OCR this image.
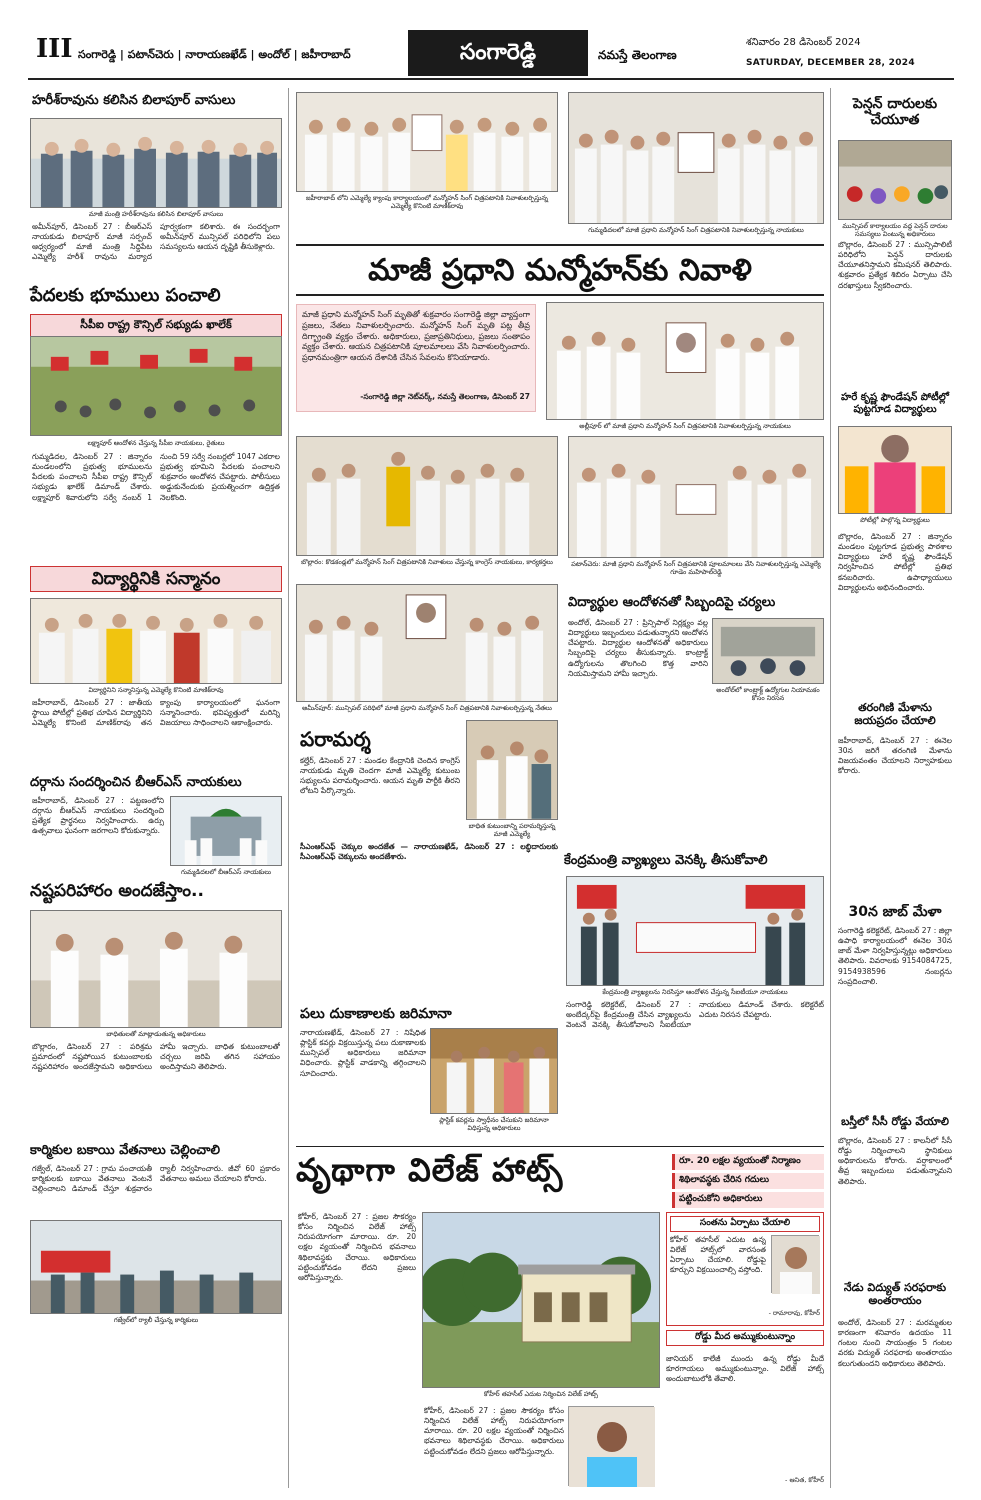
III సంగారెడ్డి | పటాన్‌చెరు | నారాయణఖేడ్ | అందోల్ | జహీరాబాద్	సంగారెడ్డి	నమస్తే తెలంగాణ
శనివారం 28 డిసెంబర్ 2024
SATURDAY, DECEMBER 28, 2024
హరీశ్‌రావును కలిసిన బిలాపూర్ వాసులు
మాజీ మంత్రి హరీశ్‌రావును కలిసిన బిలాపూర్ వాసులు
అమీన్‌పూర్, డిసెంబర్ 27 : బీఆర్‌ఎస్ నాయకుడు బిలాపూర్ మాజీ సర్పంచ్ ఆధ్వర్యంలో మాజీ మంత్రి సిద్దిపేట ఎమ్మెల్యే హరీశ్ రావును మర్యాద పూర్వకంగా కలిశారు. ఈ సందర్భంగా అమీన్‌పూర్ మున్సిపల్ పరిధిలోని పలు సమస్యలను ఆయన దృష్టికి తీసుకెళ్లారు.
పేదలకు భూములు పంచాలి
సీపీఐ రాష్ట్ర కౌన్సిల్ సభ్యుడు ఖాలేక్
లక్ష్మాపూర్ ఆందోళన చేస్తున్న సీపీఐ నాయకులు, రైతులు
గుమ్మడిదల, డిసెంబర్ 27 : జిన్నారం మండలంలోని ప్రభుత్వ భూములను పేదలకు పంచాలని సీపీఐ రాష్ట్ర కౌన్సిల్ సభ్యుడు ఖాలేక్ డిమాండ్ చేశారు. లక్ష్మాపూర్ శివారులోని సర్వే నంబర్ 1 నుంచి 59 సర్వే నంబర్లలో 1047 ఎకరాల ప్రభుత్వ భూమిని పేదలకు పంచాలని శుక్రవారం ఆందోళన చేపట్టారు. పోలీసులు అడ్డుకునేందుకు ప్రయత్నించగా ఉద్రిక్తత నెలకొంది.
విద్యార్థినికి సన్మానం
విద్యార్థినిని సన్మానిస్తున్న ఎమ్మెల్యే కొనింటి మాణిక్‌రావు
జహీరాబాద్, డిసెంబర్ 27 : జాతీయ స్థాయి పోటీల్లో ప్రతిభ చూపిన విద్యార్థినిని ఎమ్మెల్యే కొనింటి మాణిక్‌రావు తన క్యాంపు కార్యాలయంలో ఘనంగా సన్మానించారు. భవిష్యత్తులో మరిన్ని విజయాలు సాధించాలని ఆకాంక్షించారు.
దర్గాను సందర్శించిన బీఆర్‌ఎస్ నాయకులు
జహీరాబాద్, డిసెంబర్ 27 : పట్టణంలోని దర్గాను బీఆర్‌ఎస్ నాయకులు సందర్శించి ప్రత్యేక ప్రార్థనలు నిర్వహించారు. ఉర్సు ఉత్సవాలు ఘనంగా జరగాలని కోరుకున్నారు.
గుమ్మడిదలలో బీఆర్‌ఎస్ నాయకులు
నష్టపరిహారం అందజేస్తాం..
బాధితులతో మాట్లాడుతున్న అధికారులు
బొల్లారం, డిసెంబర్ 27 : పరిశ్రమ ప్రమాదంలో నష్టపోయిన కుటుంబాలకు నష్టపరిహారం అందజేస్తామని అధికారులు హామీ ఇచ్చారు. బాధిత కుటుంబాలతో చర్చలు జరిపి తగిన సహాయం అందిస్తామని తెలిపారు.
కార్మికుల బకాయి వేతనాలు చెల్లించాలి
గజ్వేల్, డిసెంబర్ 27 : గ్రామ పంచాయతీ కార్మికులకు బకాయి వేతనాలు వెంటనే చెల్లించాలని డిమాండ్ చేస్తూ శుక్రవారం ర్యాలీ నిర్వహించారు. జీవో 60 ప్రకారం వేతనాలు అమలు చేయాలని కోరారు.
గజ్వేల్‌లో ర్యాలీ చేస్తున్న కార్మికులు
జహీరాబాద్ లోని ఎమ్మెల్యే క్యాంపు కార్యాలయంలో మన్మోహన్ సింగ్ చిత్రపటానికి నివాళులర్పిస్తున్న ఎమ్మెల్యే కొనింటి మాణిక్‌రావు
గుమ్మడిదలలో మాజీ ప్రధాని మన్మోహన్ సింగ్ చిత్రపటానికి నివాళులర్పిస్తున్న నాయకులు
మాజీ ప్రధాని మన్మోహన్‌కు నివాళి
మాజీ ప్రధాని మన్మోహన్ సింగ్ మృతితో శుక్రవారం సంగారెడ్డి జిల్లా వ్యాప్తంగా ప్రజలు, నేతలు నివాళులర్పించారు. మన్మోహన్ సింగ్ మృతి పట్ల తీవ్ర దిగ్భ్రాంతి వ్యక్తం చేశారు. అధికారులు, ప్రజాప్రతినిధులు, ప్రజలు సంతాపం వ్యక్తం చేశారు. ఆయన చిత్రపటానికి పూలమాలలు వేసి నివాళులర్పించారు. ప్రధానమంత్రిగా ఆయన దేశానికి చేసిన సేవలను కొనియాడారు.
-సంగారెడ్డి జిల్లా నెట్‌వర్క్, నమస్తే తెలంగాణ, డిసెంబర్ 27
అల్లీపూర్ లో మాజీ ప్రధాని మన్మోహన్ సింగ్ చిత్రపటానికి నివాళులర్పిస్తున్న నాయకులు
బొల్లారం: కొడకండ్లలో మన్మోహన్ సింగ్ చిత్రపటానికి నివాళులు చేస్తున్న కాంగ్రెస్ నాయకులు, కార్యకర్తలు	పటాన్‌చెరు: మాజీ ప్రధాని మన్మోహన్ సింగ్ చిత్రపటానికి పూలమాలలు వేసి నివాళులర్పిస్తున్న ఎమ్మెల్యే గూడెం మహిపాల్‌రెడ్డి
అమీన్‌పూర్: మున్సిపల్ పరిధిలో మాజీ ప్రధాని మన్మోహన్ సింగ్ చిత్రపటానికి నివాళులర్పిస్తున్న నేతలు
విద్యార్థుల ఆందోళనతో సిబ్బందిపై చర్యలు
అందోల్, డిసెంబర్ 27 : ప్రిన్సిపాల్ నిర్లక్ష్యం వల్ల విద్యార్థులు ఇబ్బందులు పడుతున్నారని ఆందోళన చేపట్టారు. విద్యార్థుల ఆందోళనతో అధికారులు సిబ్బందిపై చర్యలు తీసుకున్నారు. కాంట్రాక్ట్ ఉద్యోగులను తొలగించి కొత్త వారిని నియమిస్తామని హామీ ఇచ్చారు.
అందోల్‌లో కాంట్రాక్ట్ ఉద్యోగుల నియామకం కోసం నిరసన
పరామర్శ
కల్హేర్, డిసెంబర్ 27 : మండల కేంద్రానికి చెందిన కాంగ్రెస్ నాయకుడు మృతి చెందగా మాజీ ఎమ్మెల్యే కుటుంబ సభ్యులను పరామర్శించారు. ఆయన మృతి పార్టీకి తీరని లోటని పేర్కొన్నారు.
బాధిత కుటుంబాన్ని పరామర్శిస్తున్న మాజీ ఎమ్మెల్యే
సీఎంఆర్‌ఎఫ్ చెక్కుల అందజేత — నారాయణఖేడ్, డిసెంబర్ 27 : లబ్ధిదారులకు సీఎంఆర్‌ఎఫ్ చెక్కులను అందజేశారు.	కేంద్రమంత్రి వ్యాఖ్యలు వెనక్కి తీసుకోవాలి
కేంద్రమంత్రి వ్యాఖ్యలను నిరసిస్తూ ఆందోళన చేస్తున్న సీఐటీయూ నాయకులు
సంగారెడ్డి కలెక్టరేట్, డిసెంబర్ 27 : అంబేద్కర్‌పై కేంద్రమంత్రి చేసిన వ్యాఖ్యలను వెంటనే వెనక్కి తీసుకోవాలని సీఐటీయూ నాయకులు డిమాండ్ చేశారు. కలెక్టరేట్ ఎదుట నిరసన చేపట్టారు.
పలు దుకాణాలకు జరిమానా
నారాయణఖేడ్, డిసెంబర్ 27 : నిషేధిత ప్లాస్టిక్ కవర్లు విక్రయిస్తున్న పలు దుకాణాలకు మున్సిపల్ అధికారులు జరిమానా విధించారు. ప్లాస్టిక్ వాడకాన్ని తగ్గించాలని సూచించారు.
ప్లాస్టిక్ కవర్లను స్వాధీనం చేసుకుని జరిమానా విధిస్తున్న అధికారులు
వృథాగా విలేజ్ హాట్స్	రూ. 20 లక్షల వ్యయంతో నిర్మాణం
శిథిలావస్థకు చేరిన గదులు
పట్టించుకోని అధికారులు
కోహీర్, డిసెంబర్ 27 : ప్రజల సౌకర్యం కోసం నిర్మించిన విలేజ్ హాట్స్ నిరుపయోగంగా మారాయి. రూ. 20 లక్షల వ్యయంతో నిర్మించిన భవనాలు శిథిలావస్థకు చేరాయి. అధికారులు పట్టించుకోవడం లేదని ప్రజలు ఆరోపిస్తున్నారు.
కోహీర్ తహసీల్ ఎదుట నిర్మించిన విలేజ్ హాట్స్
సంతను ఏర్పాటు చేయాలి
కోహీర్ తహసీల్ ఎదుట ఉన్న విలేజ్ హాట్స్‌లో వారసంత ఏర్పాటు చేయాలి. రోడ్డుపై కూర్చుని విక్రయించాల్సి వస్తోంది.
- రామారావు, కోహీర్
రోడ్డు మీద అమ్ముకుంటున్నాం
కోహీర్, డిసెంబర్ 27 : ప్రజల సౌకర్యం కోసం నిర్మించిన విలేజ్ హాట్స్ నిరుపయోగంగా మారాయి. రూ. 20 లక్షల వ్యయంతో నిర్మించిన భవనాలు శిథిలావస్థకు చేరాయి. అధికారులు పట్టించుకోవడం లేదని ప్రజలు ఆరోపిస్తున్నారు.
జానియర్ కాలేజీ ముందు ఉన్న రోడ్డు మీదే కూరగాయలు అమ్ముకుంటున్నాం. విలేజ్ హాట్స్ అందుబాటులోకి తేవాలి.
- ఆనిత, కోహీర్
పెన్షన్ దారులకు చేయూత
మున్సిపల్ కార్యాలయం వద్ద పెన్షన్ దారుల సమస్యలు వింటున్న అధికారులు
బొల్లారం, డిసెంబర్ 27 : మున్సిపాలిటీ పరిధిలోని పెన్షన్ దారులకు చేయూతనిస్తామని కమిషనర్ తెలిపారు. శుక్రవారం ప్రత్యేక శిబిరం ఏర్పాటు చేసి దరఖాస్తులు స్వీకరించారు.
హరే కృష్ణ ఫౌండేషన్ పోటీల్లో పుట్టగూడ విద్యార్థులు
పోటీల్లో పాల్గొన్న విద్యార్థులు
బొల్లారం, డిసెంబర్ 27 : జిన్నారం మండలం పుట్టగూడ ప్రభుత్వ పాఠశాల విద్యార్థులు హరే కృష్ణ ఫౌండేషన్ నిర్వహించిన పోటీల్లో ప్రతిభ కనబరిచారు. ఉపాధ్యాయులు విద్యార్థులను అభినందించారు.
తరంగిణి మేళాను జయప్రదం చేయాలి
జహీరాబాద్, డిసెంబర్ 27 : ఈనెల 30న జరిగే తరంగిణి మేళాను విజయవంతం చేయాలని నిర్వాహకులు కోరారు.
30న జాబ్ మేళా
సంగారెడ్డి కలెక్టరేట్, డిసెంబర్ 27 : జిల్లా ఉపాధి కార్యాలయంలో ఈనెల 30న జాబ్ మేళా నిర్వహిస్తున్నట్లు అధికారులు తెలిపారు. వివరాలకు 9154084725, 9154938596 నంబర్లను సంప్రదించాలి.
బస్తీలో సీసీ రోడ్డు వేయాలి
బొల్లారం, డిసెంబర్ 27 : కాలనీలో సీసీ రోడ్డు నిర్మించాలని స్థానికులు అధికారులను కోరారు. వర్షాకాలంలో తీవ్ర ఇబ్బందులు పడుతున్నామని తెలిపారు.
నేడు విద్యుత్ సరఫరాకు అంతరాయం
అందోల్, డిసెంబర్ 27 : మరమ్మతుల కారణంగా శనివారం ఉదయం 11 గంటల నుంచి సాయంత్రం 5 గంటల వరకు విద్యుత్ సరఫరాకు అంతరాయం కలుగుతుందని అధికారులు తెలిపారు.
